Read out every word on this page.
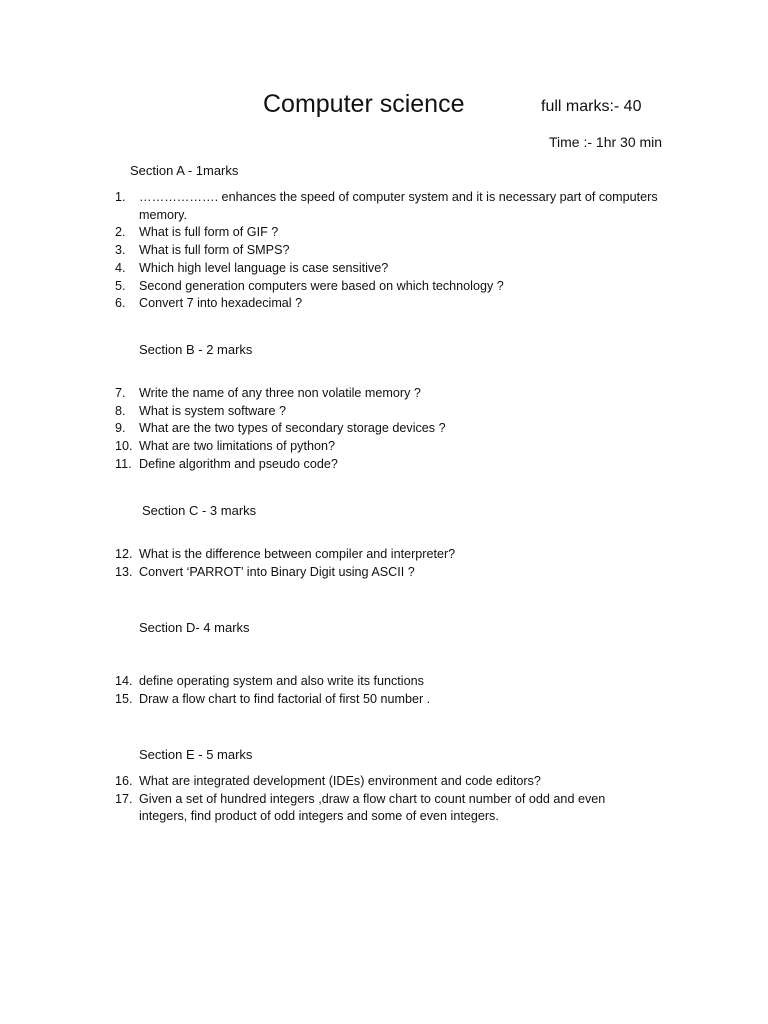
Computer science	full marks:- 40
Time :- 1hr 30 min
Section A - 1marks
1.	………………. enhances the speed of computer system and it is necessary part of computers memory.
2.	What is full form of GIF ?
3.	What is full form of SMPS?
4.	Which high level language is case sensitive?
5.	Second generation computers were based on which technology ?
6.	Convert 7 into hexadecimal ?
Section B - 2 marks
7.	Write the name of any three non volatile memory ?
8.	What is system software ?
9.	What are the two types of secondary storage devices ?
10. What are two limitations of python?
11. Define algorithm and pseudo code?
Section C - 3 marks
12. What is the difference between compiler and interpreter?
13. Convert ‘PARROT’ into Binary Digit using ASCII ?
Section D- 4 marks
14. define operating system and also write its functions
15. Draw a flow chart to find factorial of first 50 number .
Section E - 5 marks
16. What are integrated development (IDEs) environment and code editors?
17. Given a set of hundred integers ,draw a flow chart to count number of odd and even integers, find product of odd integers and some of even integers.
